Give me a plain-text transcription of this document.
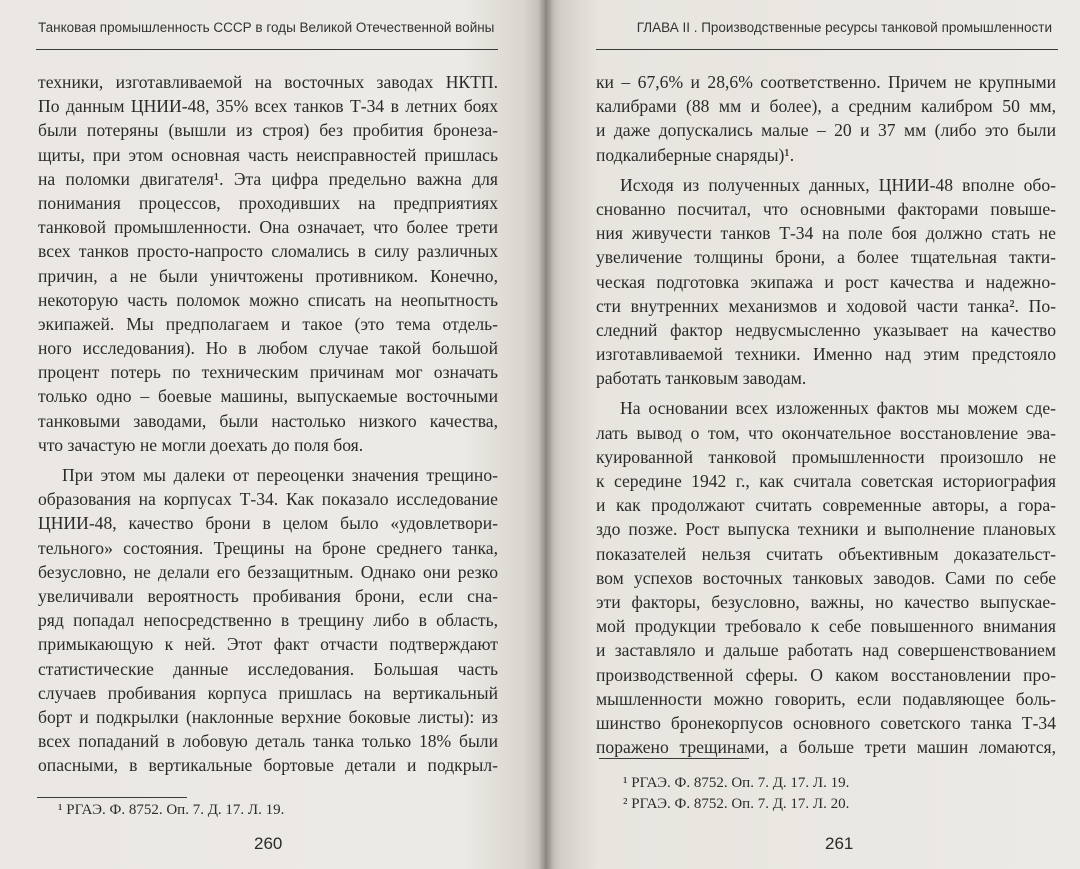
Танковая промышленность СССР в годы Великой Отечественной войны
техники, изготавливаемой на восточных заводах НКТП.
По данным ЦНИИ-48, 35% всех танков Т-34 в летних боях
были потеряны (вышли из строя) без пробития бронеза-
щиты, при этом основная часть неисправностей пришлась
на поломки двигателя¹. Эта цифра предельно важна для
понимания процессов, проходивших на предприятиях
танковой промышленности. Она означает, что более трети
всех танков просто-напросто сломались в силу различных
причин, а не были уничтожены противником. Конечно,
некоторую часть поломок можно списать на неопытность
экипажей. Мы предполагаем и такое (это тема отдель-
ного исследования). Но в любом случае такой большой
процент потерь по техническим причинам мог означать
только одно – боевые машины, выпускаемые восточными
танковыми заводами, были настолько низкого качества,
что зачастую не могли доехать до поля боя.
При этом мы далеки от переоценки значения трещино-
образования на корпусах Т-34. Как показало исследование
ЦНИИ-48, качество брони в целом было «удовлетвори-
тельного» состояния. Трещины на броне среднего танка,
безусловно, не делали его беззащитным. Однако они резко
увеличивали вероятность пробивания брони, если сна-
ряд попадал непосредственно в трещину либо в область,
примыкающую к ней. Этот факт отчасти подтверждают
статистические данные исследования. Большая часть
случаев пробивания корпуса пришлась на вертикальный
борт и подкрылки (наклонные верхние боковые листы): из
всех попаданий в лобовую деталь танка только 18% были
опасными, в вертикальные бортовые детали и подкрыл-
¹ РГАЭ. Ф. 8752. Оп. 7. Д. 17. Л. 19.
260
ГЛАВА II . Производственные ресурсы танковой промышленности
ки – 67,6% и 28,6% соответственно. Причем не крупными
калибрами (88 мм и более), а средним калибром 50 мм,
и даже допускались малые – 20 и 37 мм (либо это были
подкалиберные снаряды)¹.
Исходя из полученных данных, ЦНИИ-48 вполне обо-
снованно посчитал, что основными факторами повыше-
ния живучести танков Т-34 на поле боя должно стать не
увеличение толщины брони, а более тщательная такти-
ческая подготовка экипажа и рост качества и надежно-
сти внутренних механизмов и ходовой части танка². По-
следний фактор недвусмысленно указывает на качество
изготавливаемой техники. Именно над этим предстояло
работать танковым заводам.
На основании всех изложенных фактов мы можем сде-
лать вывод о том, что окончательное восстановление эва-
куированной танковой промышленности произошло не
к середине 1942 г., как считала советская историография
и как продолжают считать современные авторы, а гора-
здо позже. Рост выпуска техники и выполнение плановых
показателей нельзя считать объективным доказательст-
вом успехов восточных танковых заводов. Сами по себе
эти факторы, безусловно, важны, но качество выпускае-
мой продукции требовало к себе повышенного внимания
и заставляло и дальше работать над совершенствованием
производственной сферы. О каком восстановлении про-
мышленности можно говорить, если подавляющее боль-
шинство бронекорпусов основного советского танка Т-34
поражено трещинами, а больше трети машин ломаются,
¹ РГАЭ. Ф. 8752. Оп. 7. Д. 17. Л. 19.
² РГАЭ. Ф. 8752. Оп. 7. Д. 17. Л. 20.
261
